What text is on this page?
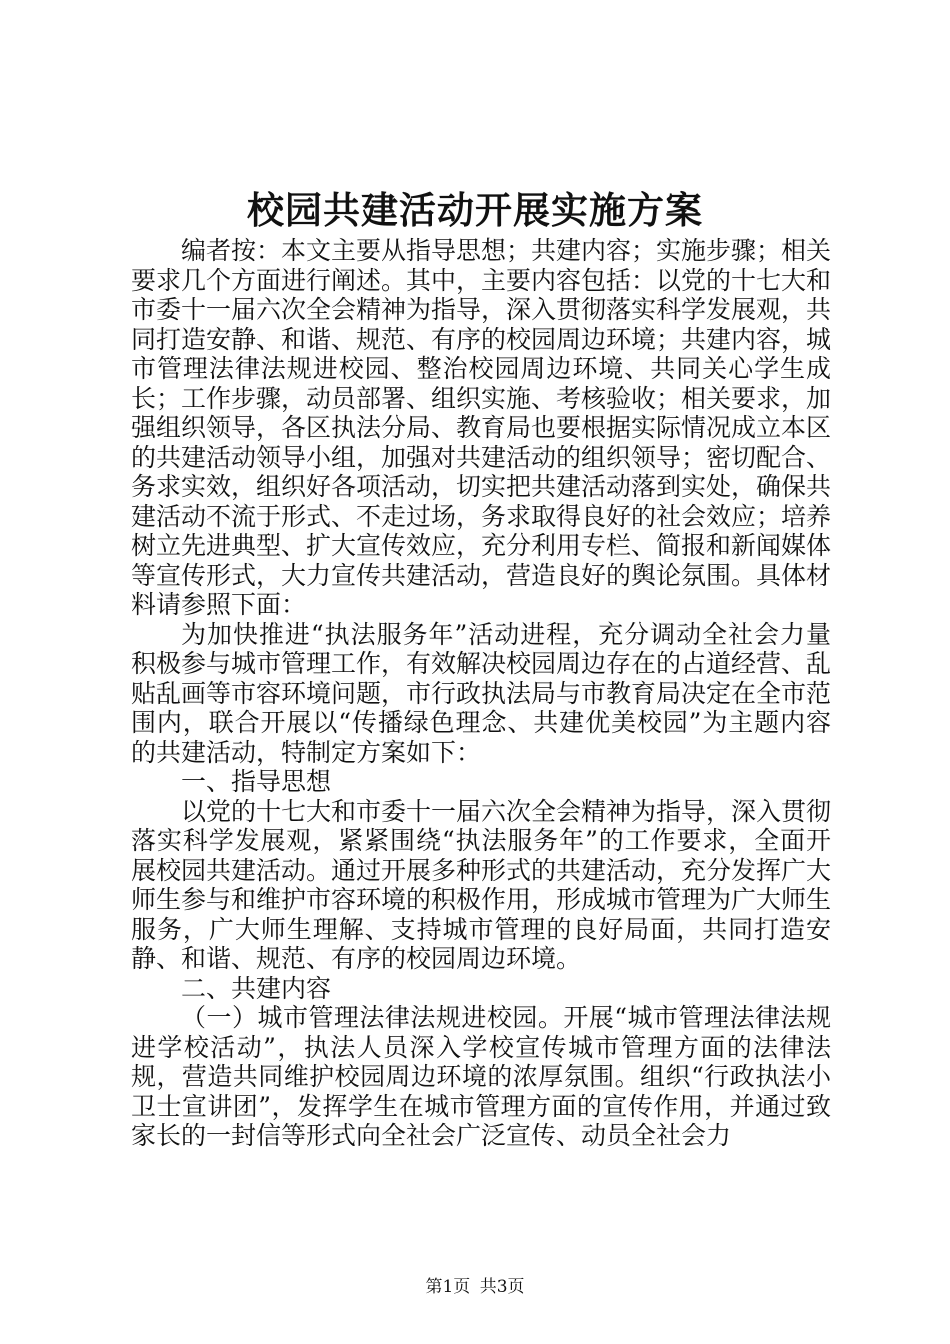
校园共建活动开展实施方案

编者按：本文主要从指导思想；共建内容；实施步骤；相关要求几个方面进行阐述。其中，主要内容包括：以党的十七大和市委十一届六次全会精神为指导，深入贯彻落实科学发展观，共同打造安静、和谐、规范、有序的校园周边环境；共建内容，城市管理法律法规进校园、整治校园周边环境、共同关心学生成长；工作步骤，动员部署、组织实施、考核验收；相关要求，加强组织领导，各区执法分局、教育局也要根据实际情况成立本区的共建活动领导小组，加强对共建活动的组织领导；密切配合、务求实效，组织好各项活动，切实把共建活动落到实处，确保共建活动不流于形式、不走过场，务求取得良好的社会效应；培养树立先进典型、扩大宣传效应，充分利用专栏、简报和新闻媒体等宣传形式，大力宣传共建活动，营造良好的舆论氛围。具体材料请参照下面：

为加快推进“执法服务年”活动进程，充分调动全社会力量积极参与城市管理工作，有效解决校园周边存在的占道经营、乱贴乱画等市容环境问题，市行政执法局与市教育局决定在全市范围内，联合开展以“传播绿色理念、共建优美校园”为主题内容的共建活动，特制定方案如下：

一、指导思想

以党的十七大和市委十一届六次全会精神为指导，深入贯彻落实科学发展观，紧紧围绕“执法服务年”的工作要求，全面开展校园共建活动。通过开展多种形式的共建活动，充分发挥广大师生参与和维护市容环境的积极作用，形成城市管理为广大师生服务，广大师生理解、支持城市管理的良好局面，共同打造安静、和谐、规范、有序的校园周边环境。

二、共建内容

（一）城市管理法律法规进校园。开展“城市管理法律法规进学校活动”，执法人员深入学校宣传城市管理方面的法律法规，营造共同维护校园周边环境的浓厚氛围。组织“行政执法小卫士宣讲团”，发挥学生在城市管理方面的宣传作用，并通过致家长的一封信等形式向全社会广泛宣传、动员全社会力

第1页 共3页
